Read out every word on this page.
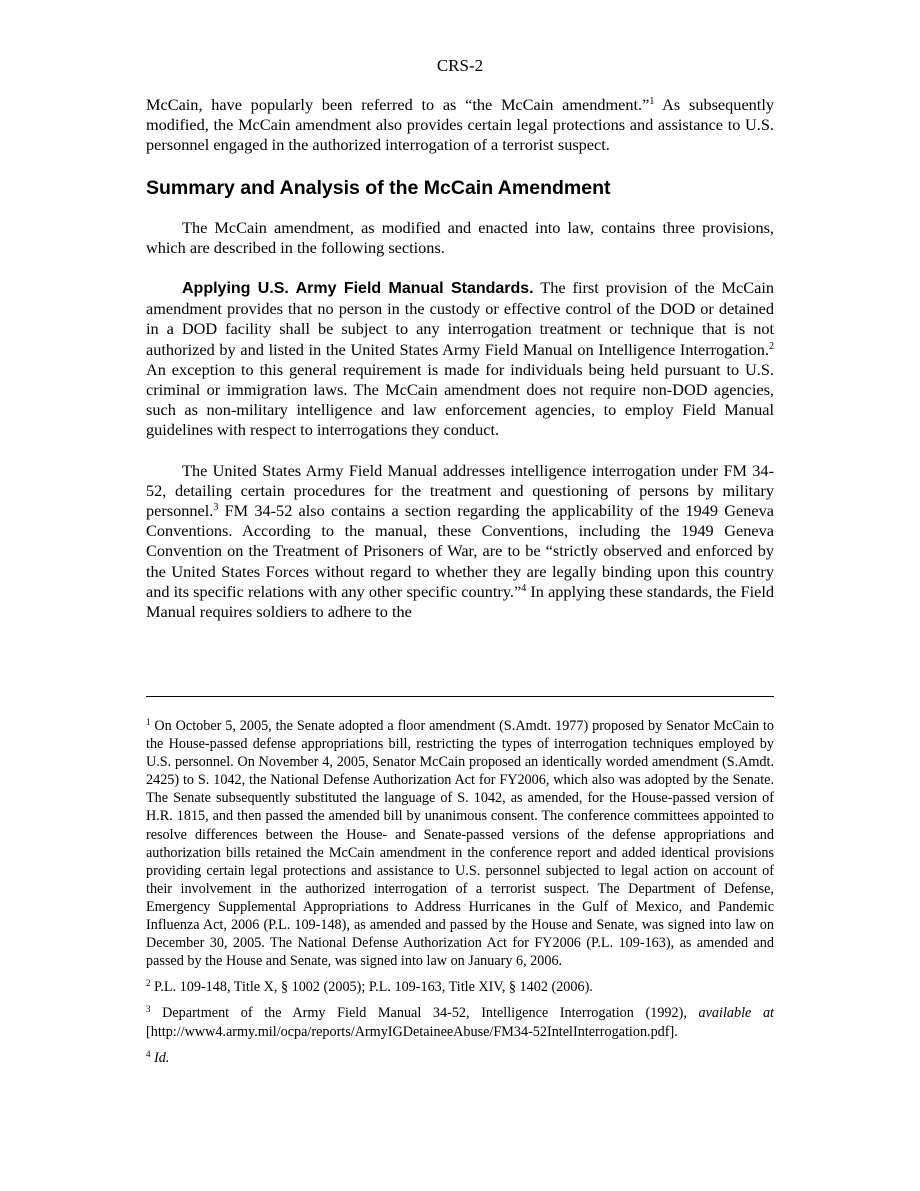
CRS-2

McCain, have popularly been referred to as “the McCain amendment.”$^1$ As subsequently modified, the McCain amendment also provides certain legal protections and assistance to U.S. personnel engaged in the authorized interrogation of a terrorist suspect.

Summary and Analysis of the McCain Amendment

The McCain amendment, as modified and enacted into law, contains three provisions, which are described in the following sections.

Applying U.S. Army Field Manual Standards. The first provision of the McCain amendment provides that no person in the custody or effective control of the DOD or detained in a DOD facility shall be subject to any interrogation treatment or technique that is not authorized by and listed in the United States Army Field Manual on Intelligence Interrogation.$^2$ An exception to this general requirement is made for individuals being held pursuant to U.S. criminal or immigration laws. The McCain amendment does not require non-DOD agencies, such as non-military intelligence and law enforcement agencies, to employ Field Manual guidelines with respect to interrogations they conduct.

The United States Army Field Manual addresses intelligence interrogation under FM 34-52, detailing certain procedures for the treatment and questioning of persons by military personnel.$^3$ FM 34-52 also contains a section regarding the applicability of the 1949 Geneva Conventions. According to the manual, these Conventions, including the 1949 Geneva Convention on the Treatment of Prisoners of War, are to be “strictly observed and enforced by the United States Forces without regard to whether they are legally binding upon this country and its specific relations with any other specific country.”$^4$ In applying these standards, the Field Manual requires soldiers to adhere to the

$^1$ On October 5, 2005, the Senate adopted a floor amendment (S.Amdt. 1977) proposed by Senator McCain to the House-passed defense appropriations bill, restricting the types of interrogation techniques employed by U.S. personnel. On November 4, 2005, Senator McCain proposed an identically worded amendment (S.Amdt. 2425) to S. 1042, the National Defense Authorization Act for FY2006, which also was adopted by the Senate. The Senate subsequently substituted the language of S. 1042, as amended, for the House-passed version of H.R. 1815, and then passed the amended bill by unanimous consent. The conference committees appointed to resolve differences between the House- and Senate-passed versions of the defense appropriations and authorization bills retained the McCain amendment in the conference report and added identical provisions providing certain legal protections and assistance to U.S. personnel subjected to legal action on account of their involvement in the authorized interrogation of a terrorist suspect. The Department of Defense, Emergency Supplemental Appropriations to Address Hurricanes in the Gulf of Mexico, and Pandemic Influenza Act, 2006 (P.L. 109-148), as amended and passed by the House and Senate, was signed into law on December 30, 2005. The National Defense Authorization Act for FY2006 (P.L. 109-163), as amended and passed by the House and Senate, was signed into law on January 6, 2006.
$^2$ P.L. 109-148, Title X, § 1002 (2005); P.L. 109-163, Title XIV, § 1402 (2006).
$^3$ Department of the Army Field Manual 34-52, Intelligence Interrogation (1992), available at [http://www4.army.mil/ocpa/reports/ArmyIGDetaineeAbuse/FM34-52IntelInterrogation.pdf].
$^4$ Id.
